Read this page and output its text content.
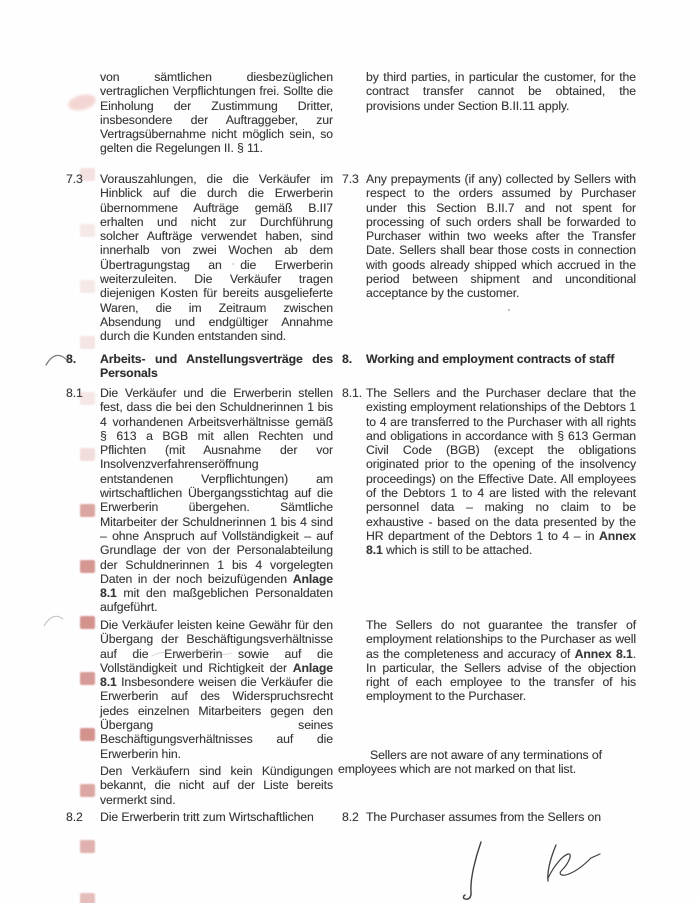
von sämtlichen diesbezüglichen vertraglichen Verpflichtungen frei. Sollte die Einholung der Zustimmung Dritter, insbesondere der Auftraggeber, zur Vertragsübernahme nicht möglich sein, so gelten die Regelungen II. § 11.
7.3 Vorauszahlungen, die die Verkäufer im Hinblick auf die durch die Erwerberin übernommene Aufträge gemäß B.II7 erhalten und nicht zur Durchführung solcher Aufträge verwendet haben, sind innerhalb von zwei Wochen ab dem Übertragungstag an die Erwerberin weiterzuleiten. Die Verkäufer tragen diejenigen Kosten für bereits ausgelieferte Waren, die im Zeitraum zwischen Absendung und endgültiger Annahme durch die Kunden entstanden sind.
8. Arbeits- und Anstellungsverträge des Personals
8.1 Die Verkäufer und die Erwerberin stellen fest, dass die bei den Schuldnerinnen 1 bis 4 vorhandenen Arbeitsverhältnisse gemäß § 613 a BGB mit allen Rechten und Pflichten (mit Ausnahme der vor Insolvenzverfahrenseröffnung entstandenen Verpflichtungen) am wirtschaftlichen Übergangsstichtag auf die Erwerberin übergehen. Sämtliche Mitarbeiter der Schuldnerinnen 1 bis 4 sind – ohne Anspruch auf Vollständigkeit – auf Grundlage der von der Personalabteilung der Schuldnerinnen 1 bis 4 vorgelegten Daten in der noch beizufügenden Anlage 8.1 mit den maßgeblichen Personaldaten aufgeführt.
Die Verkäufer leisten keine Gewähr für den Übergang der Beschäftigungsverhältnisse auf die Erwerberin sowie auf die Vollständigkeit und Richtigkeit der Anlage 8.1 Insbesondere weisen die Verkäufer die Erwerberin auf des Widerspruchsrecht jedes einzelnen Mitarbeiters gegen den Übergang seines Beschäftigungsverhältnisses auf die Erwerberin hin.
Den Verkäufern sind kein Kündigungen bekannt, die nicht auf der Liste bereits vermerkt sind.
8.2 Die Erwerberin tritt zum Wirtschaftlichen
by third parties, in particular the customer, for the contract transfer cannot be obtained, the provisions under Section B.II.11 apply.
7.3 Any prepayments (if any) collected by Sellers with respect to the orders assumed by Purchaser under this Section B.II.7 and not spent for processing of such orders shall be forwarded to Purchaser within two weeks after the Transfer Date. Sellers shall bear those costs in connection with goods already shipped which accrued in the period between shipment and unconditional acceptance by the customer.
8. Working and employment contracts of staff
8.1. The Sellers and the Purchaser declare that the existing employment relationships of the Debtors 1 to 4 are transferred to the Purchaser with all rights and obligations in accordance with § 613 German Civil Code (BGB) (except the obligations originated prior to the opening of the insolvency proceedings) on the Effective Date. All employees of the Debtors 1 to 4 are listed with the relevant personnel data – making no claim to be exhaustive - based on the data presented by the HR department of the Debtors 1 to 4 – in Annex 8.1 which is still to be attached.
The Sellers do not guarantee the transfer of employment relationships to the Purchaser as well as the completeness and accuracy of Annex 8.1. In particular, the Sellers advise of the objection right of each employee to the transfer of his employment to the Purchaser.
Sellers are not aware of any terminations of employees which are not marked on that list.
8.2 The Purchaser assumes from the Sellers on
